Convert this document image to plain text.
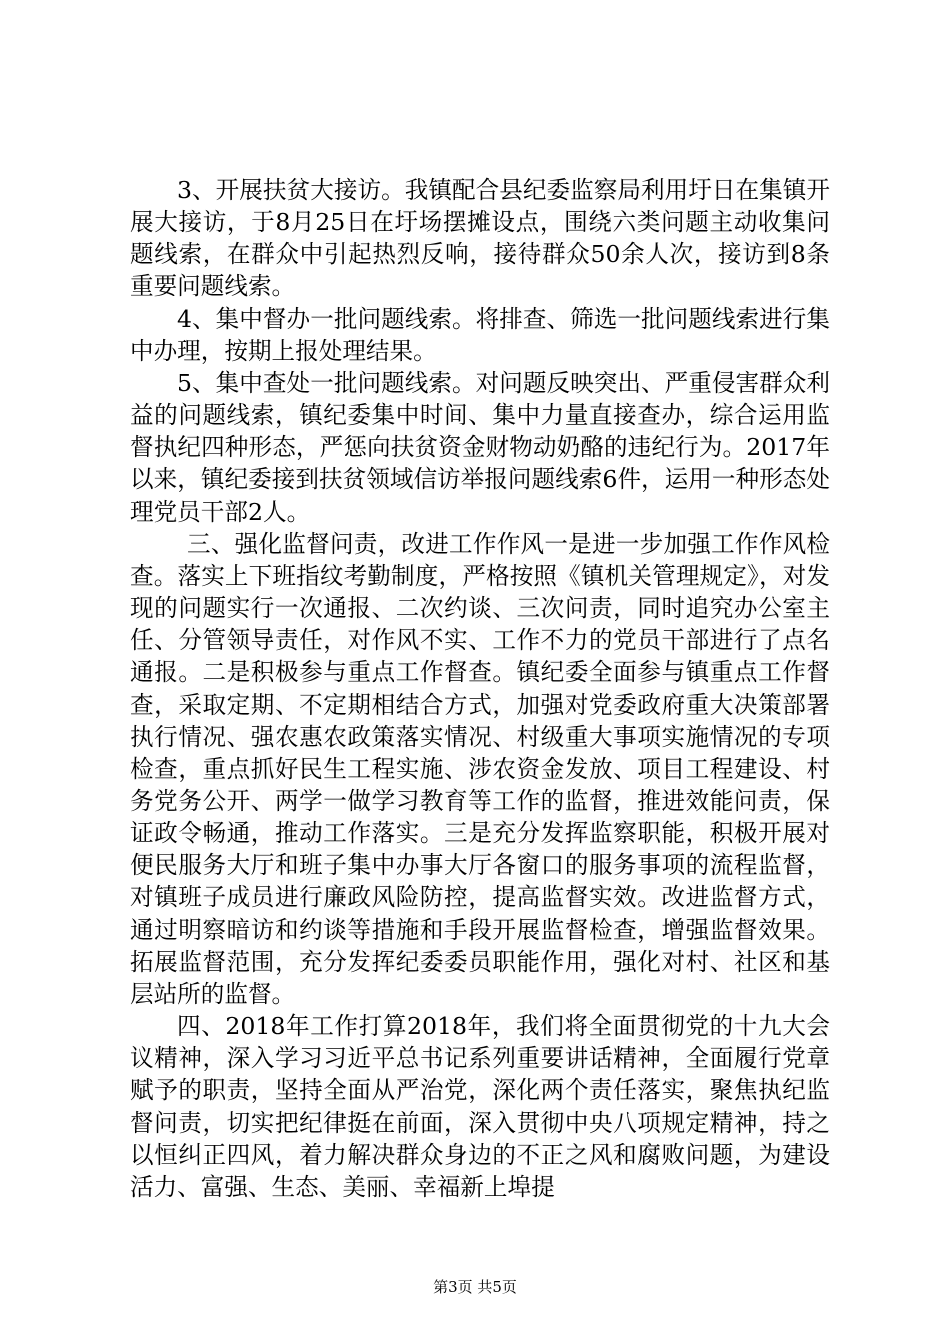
3、开展扶贫大接访。我镇配合县纪委监察局利用圩日在集镇开展大接访，于8月25日在圩场摆摊设点，围绕六类问题主动收集问题线索，在群众中引起热烈反响，接待群众50余人次，接访到8条重要问题线索。

4、集中督办一批问题线索。将排查、筛选一批问题线索进行集中办理，按期上报处理结果。

5、集中查处一批问题线索。对问题反映突出、严重侵害群众利益的问题线索，镇纪委集中时间、集中力量直接查办，综合运用监督执纪四种形态，严惩向扶贫资金财物动奶酪的违纪行为。2017年以来，镇纪委接到扶贫领域信访举报问题线索6件，运用一种形态处理党员干部2人。

三、强化监督问责，改进工作作风一是进一步加强工作作风检查。落实上下班指纹考勤制度，严格按照《镇机关管理规定》，对发现的问题实行一次通报、二次约谈、三次问责，同时追究办公室主任、分管领导责任，对作风不实、工作不力的党员干部进行了点名通报。二是积极参与重点工作督查。镇纪委全面参与镇重点工作督查，采取定期、不定期相结合方式，加强对党委政府重大决策部署执行情况、强农惠农政策落实情况、村级重大事项实施情况的专项检查，重点抓好民生工程实施、涉农资金发放、项目工程建设、村务党务公开、两学一做学习教育等工作的监督，推进效能问责，保证政令畅通，推动工作落实。三是充分发挥监察职能，积极开展对便民服务大厅和班子集中办事大厅各窗口的服务事项的流程监督，对镇班子成员进行廉政风险防控，提高监督实效。改进监督方式，通过明察暗访和约谈等措施和手段开展监督检查，增强监督效果。拓展监督范围，充分发挥纪委委员职能作用，强化对村、社区和基层站所的监督。

四、2018年工作打算2018年，我们将全面贯彻党的十九大会议精神，深入学习习近平总书记系列重要讲话精神，全面履行党章赋予的职责，坚持全面从严治党，深化两个责任落实，聚焦执纪监督问责，切实把纪律挺在前面，深入贯彻中央八项规定精神，持之以恒纠正四风，着力解决群众身边的不正之风和腐败问题，为建设活力、富强、生态、美丽、幸福新上埠提

第3页 共5页
